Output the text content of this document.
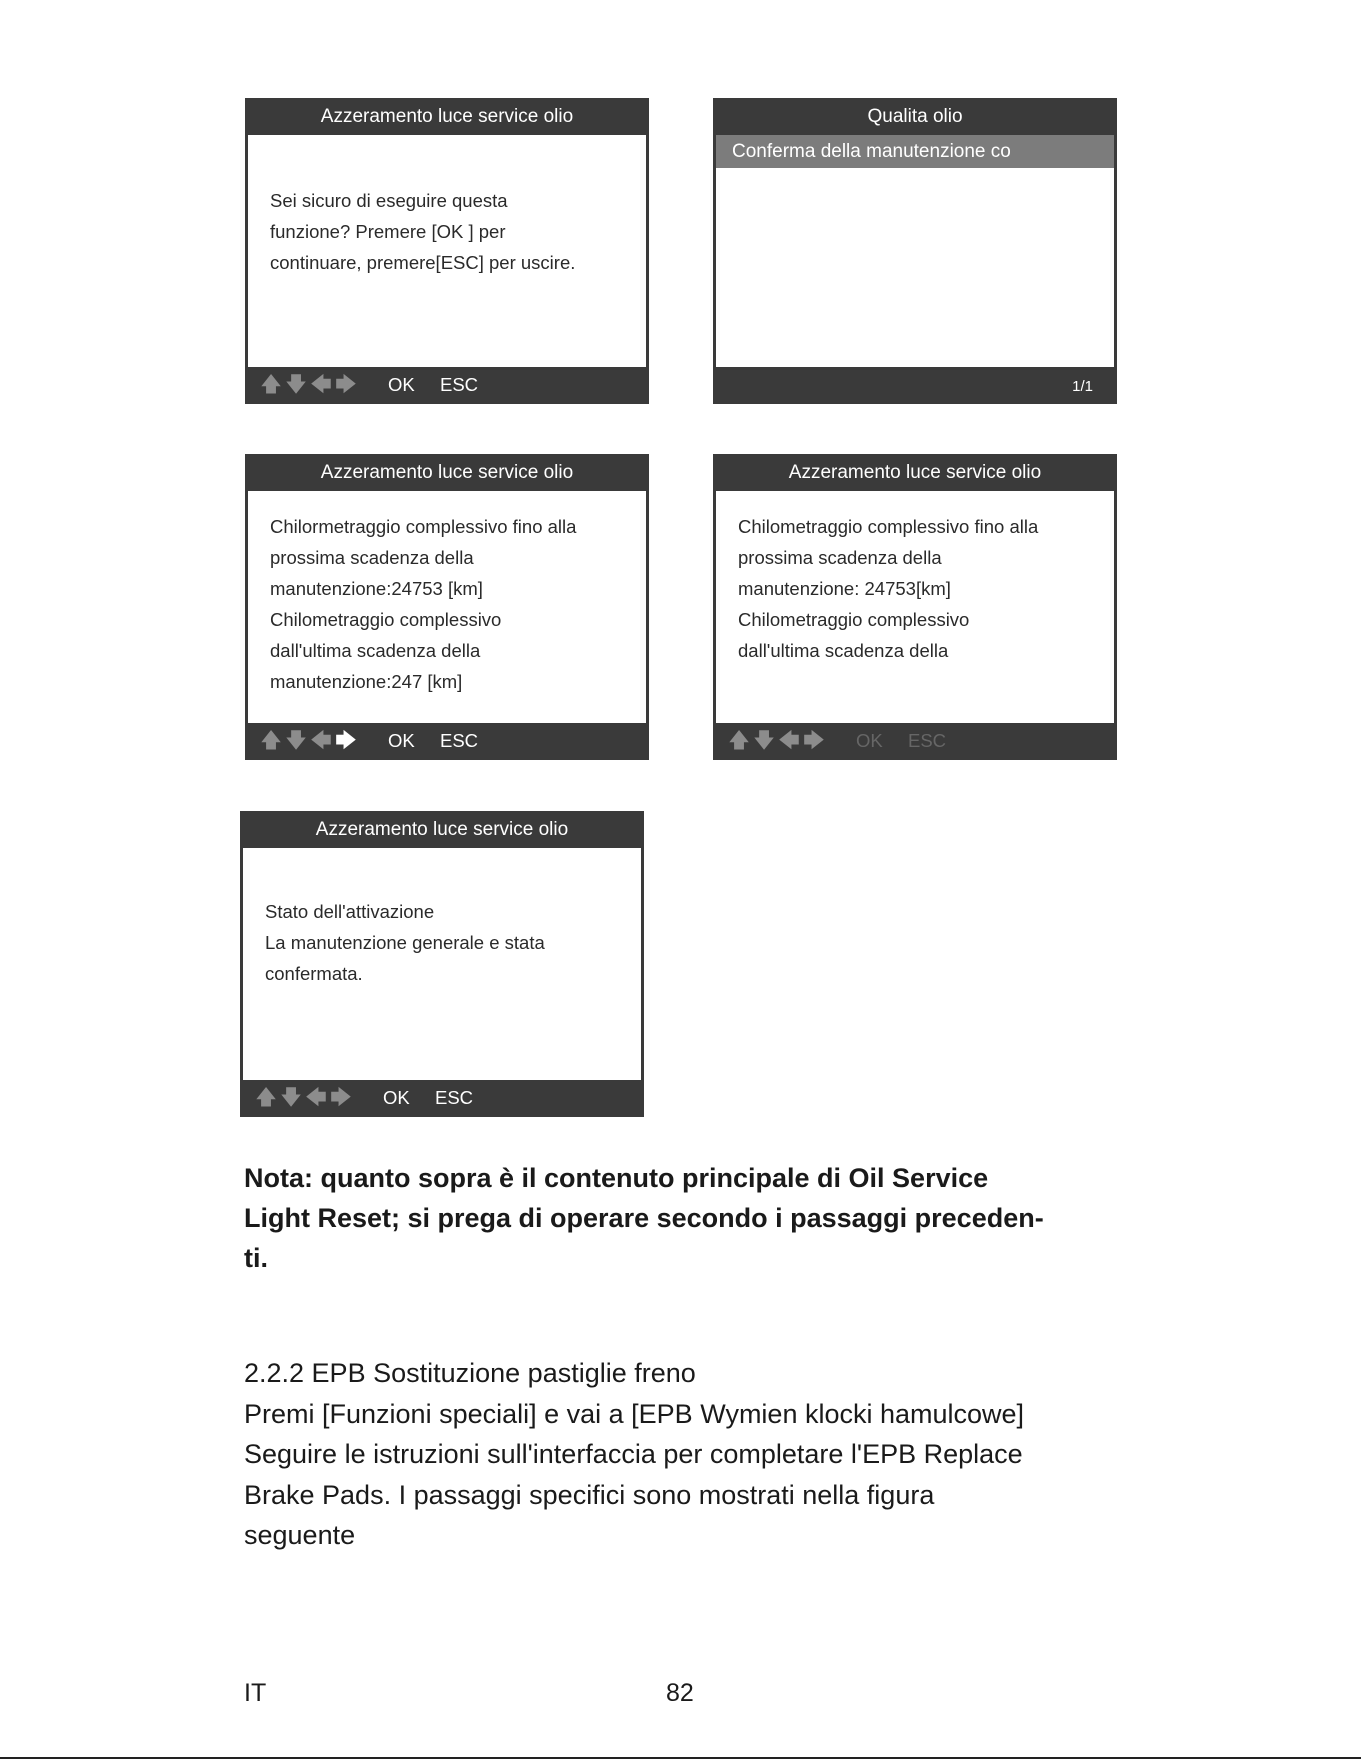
Azzeramento luce service olio
Sei sicuro di eseguire questa
funzione? Premere [OK ] per
continuare, premere[ESC] per uscire.
🡅 🡇 🡄 🡆 OK ESC
Qualita olio
Conferma della manutenzione co
1/1
Azzeramento luce service olio
Chilormetraggio complessivo fino alla
prossima scadenza della
manutenzione:24753 [km]
Chilometraggio complessivo
dall'ultima scadenza della
manutenzione:247 [km]
🡅 🡇 🡄 🡆 OK ESC
Azzeramento luce service olio
Chilometraggio complessivo fino alla
prossima scadenza della
manutenzione: 24753[km]
Chilometraggio complessivo
dall'ultima scadenza della
🡅 🡇 🡄 🡆 OK ESC
Azzeramento luce service olio
Stato dell'attivazione
La manutenzione generale e stata
confermata.
🡅 🡇 🡄 🡆 OK ESC
Nota: quanto sopra è il contenuto principale di Oil Service
Light Reset; si prega di operare secondo i passaggi preceden-
ti.
2.2.2 EPB Sostituzione pastiglie freno
Premi [Funzioni speciali] e vai a [EPB Wymien klocki hamulcowe]
Seguire le istruzioni sull'interfaccia per completare l'EPB Replace
Brake Pads. I passaggi specifici sono mostrati nella figura
seguente
IT	82
